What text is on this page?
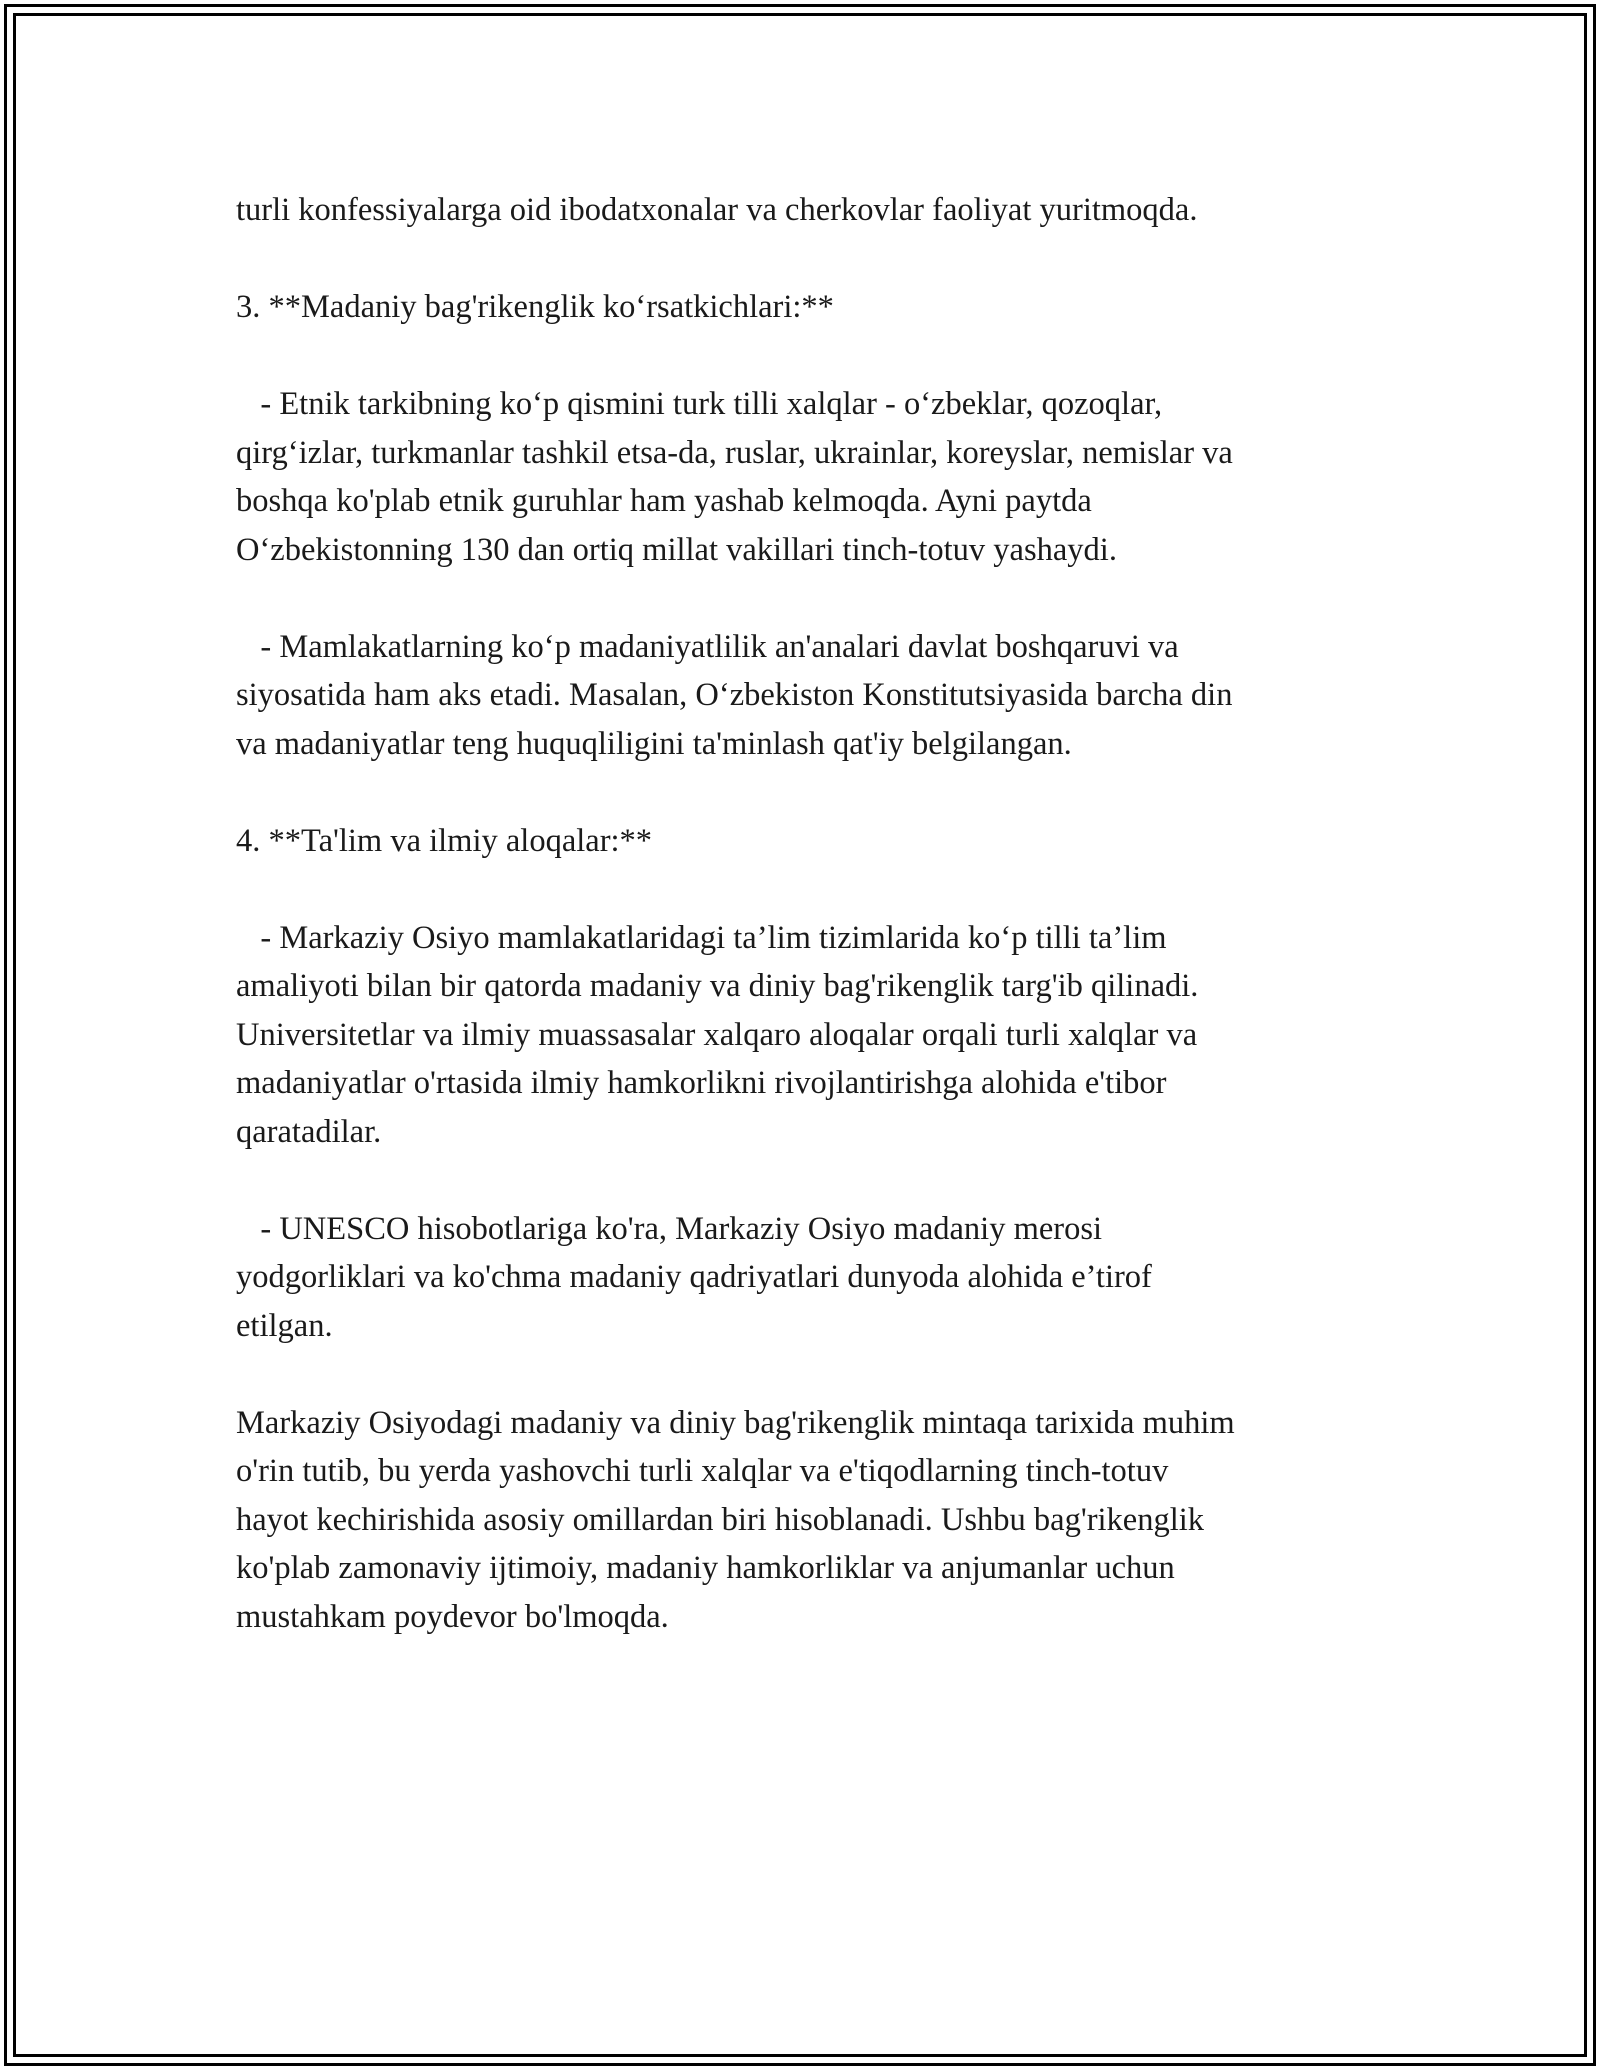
turli konfessiyalarga oid ibodatxonalar va cherkovlar faoliyat yuritmoqda.

3. **Madaniy bag'rikenglik ko‘rsatkichlari:**

- Etnik tarkibning ko‘p qismini turk tilli xalqlar - o‘zbeklar, qozoqlar,
qirg‘izlar, turkmanlar tashkil etsa-da, ruslar, ukrainlar, koreyslar, nemislar va
boshqa ko'plab etnik guruhlar ham yashab kelmoqda. Ayni paytda
O‘zbekistonning 130 dan ortiq millat vakillari tinch-totuv yashaydi.

- Mamlakatlarning ko‘p madaniyatlilik an'analari davlat boshqaruvi va
siyosatida ham aks etadi. Masalan, O‘zbekiston Konstitutsiyasida barcha din
va madaniyatlar teng huquqliligini ta'minlash qat'iy belgilangan.

4. **Ta'lim va ilmiy aloqalar:**

- Markaziy Osiyo mamlakatlaridagi ta’lim tizimlarida ko‘p tilli ta’lim
amaliyoti bilan bir qatorda madaniy va diniy bag'rikenglik targ'ib qilinadi.
Universitetlar va ilmiy muassasalar xalqaro aloqalar orqali turli xalqlar va
madaniyatlar o'rtasida ilmiy hamkorlikni rivojlantirishga alohida e'tibor
qaratadilar.

- UNESCO hisobotlariga ko'ra, Markaziy Osiyo madaniy merosi
yodgorliklari va ko'chma madaniy qadriyatlari dunyoda alohida e’tirof
etilgan.

Markaziy Osiyodagi madaniy va diniy bag'rikenglik mintaqa tarixida muhim
o'rin tutib, bu yerda yashovchi turli xalqlar va e'tiqodlarning tinch-totuv
hayot kechirishida asosiy omillardan biri hisoblanadi. Ushbu bag'rikenglik
ko'plab zamonaviy ijtimoiy, madaniy hamkorliklar va anjumanlar uchun
mustahkam poydevor bo'lmoqda.
